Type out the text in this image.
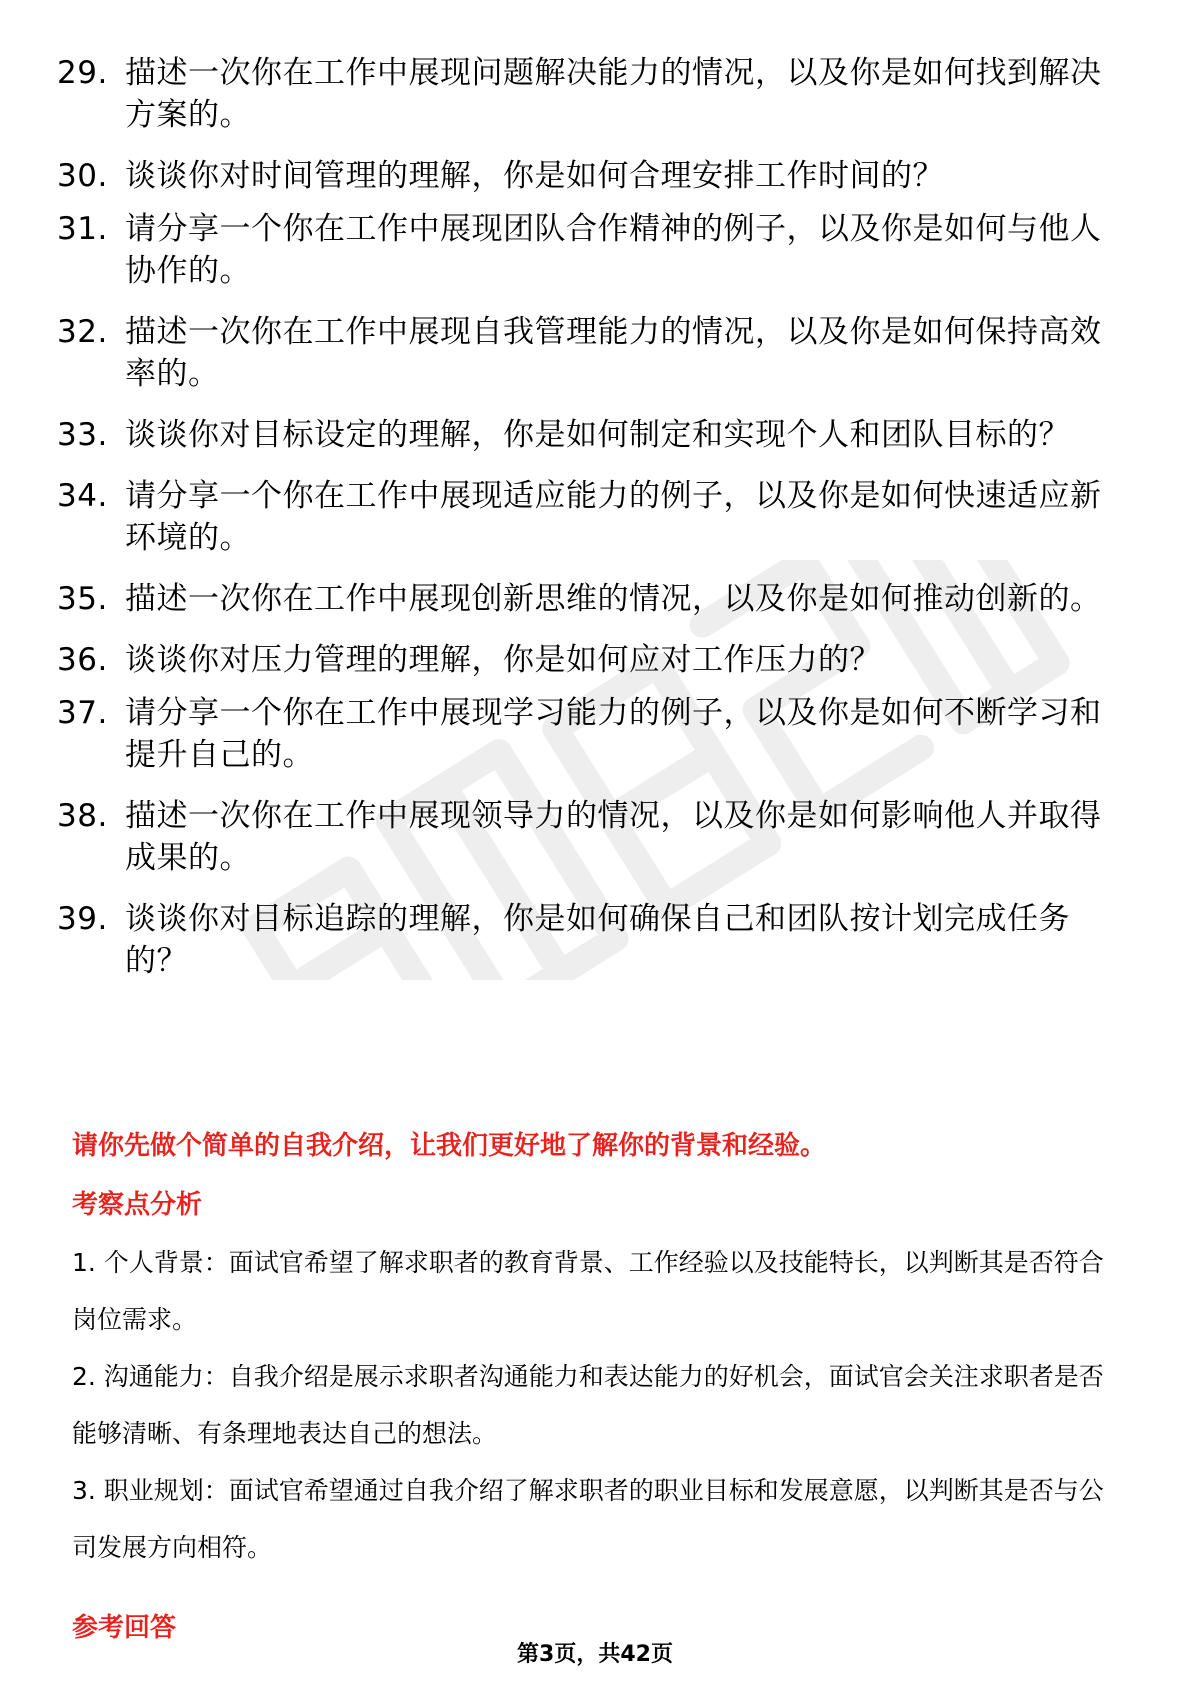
29. 描述一次你在工作中展现问题解决能力的情况，以及你是如何找到解决方案的。
30. 谈谈你对时间管理的理解，你是如何合理安排工作时间的？
31. 请分享一个你在工作中展现团队合作精神的例子，以及你是如何与他人协作的。
32. 描述一次你在工作中展现自我管理能力的情况，以及你是如何保持高效率的。
33. 谈谈你对目标设定的理解，你是如何制定和实现个人和团队目标的？
34. 请分享一个你在工作中展现适应能力的例子，以及你是如何快速适应新环境的。
35. 描述一次你在工作中展现创新思维的情况，以及你是如何推动创新的。
36. 谈谈你对压力管理的理解，你是如何应对工作压力的？
37. 请分享一个你在工作中展现学习能力的例子，以及你是如何不断学习和提升自己的。
38. 描述一次你在工作中展现领导力的情况，以及你是如何影响他人并取得成果的。
39. 谈谈你对目标追踪的理解，你是如何确保自己和团队按计划完成任务的？
请你先做个简单的自我介绍，让我们更好地了解你的背景和经验。
考察点分析

1. 个人背景：面试官希望了解求职者的教育背景、工作经验以及技能特长，以判断其是否符合岗位需求。

2. 沟通能力：自我介绍是展示求职者沟通能力和表达能力的好机会，面试官会关注求职者是否能够清晰、有条理地表达自己的想法。

3. 职业规划：面试官希望通过自我介绍了解求职者的职业目标和发展意愿，以判断其是否与公司发展方向相符。

参考回答
第3页，共42页
